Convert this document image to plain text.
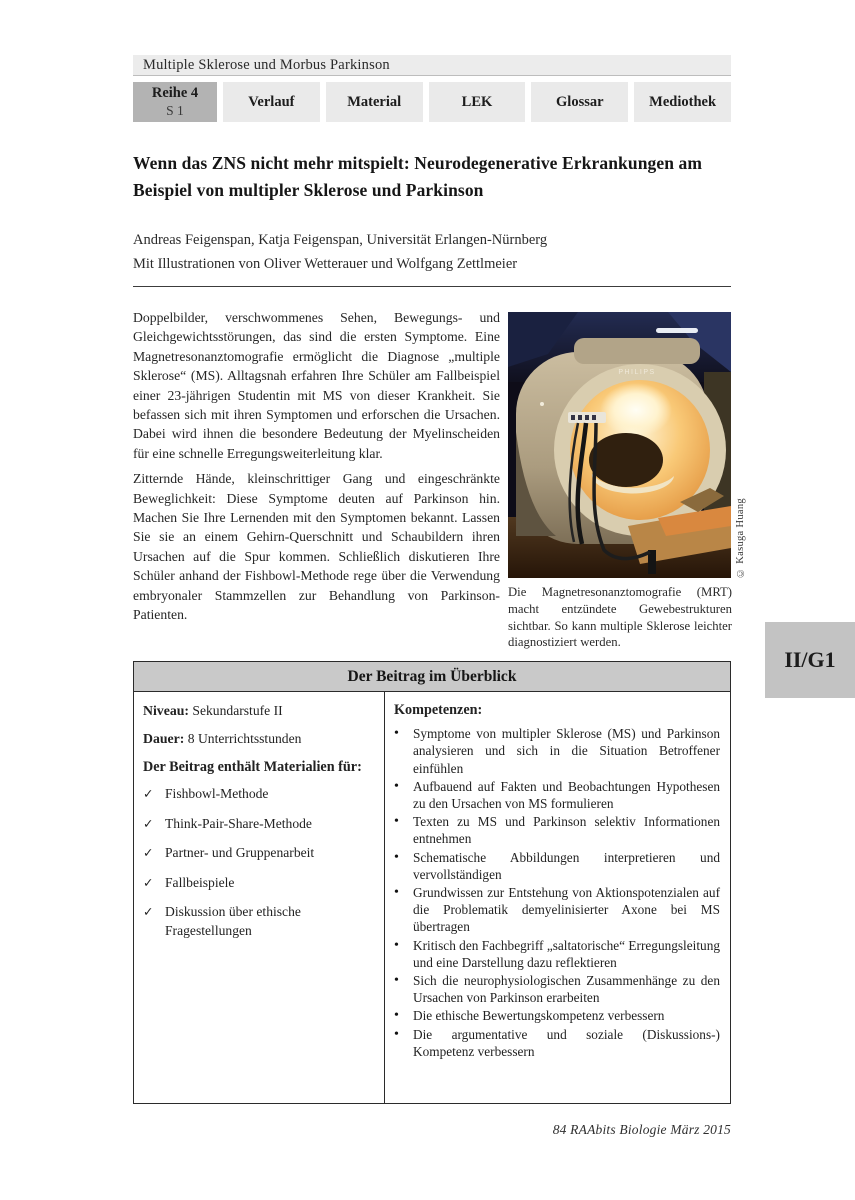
Multiple Sklerose und Morbus Parkinson
Reihe 4
S 1
Verlauf	Material	LEK	Glossar	Mediothek
Wenn das ZNS nicht mehr mitspielt: Neurodegenerative Erkrankungen am Beispiel von multipler Sklerose und Parkinson
Andreas Feigenspan, Katja Feigenspan, Universität Erlangen-Nürnberg
Mit Illustrationen von Oliver Wetterauer und Wolfgang Zettlmeier

Doppelbilder, verschwommenes Sehen, Bewegungs- und Gleichgewichtsstörungen, das sind die ersten Symptome. Eine Magnetresonanztomografie ermöglicht die Diagnose „multiple Sklerose“ (MS). Alltagsnah erfahren Ihre Schüler am Fallbeispiel einer 23-jährigen Studentin mit MS von dieser Krankheit. Sie befassen sich mit ihren Symptomen und erforschen die Ursachen. Dabei wird ihnen die besondere Bedeutung der Myelinscheiden für eine schnelle Erregungsweiterleitung klar.

Zitternde Hände, kleinschrittiger Gang und eingeschränkte Beweglichkeit: Diese Symptome deuten auf Parkinson hin. Machen Sie Ihre Lernenden mit den Symptomen bekannt. Lassen Sie sie an einem Gehirn-Querschnitt und Schaubildern ihren Ursachen auf die Spur kommen. Schließlich diskutieren Ihre Schüler anhand der Fishbowl-Methode rege über die Verwendung embryonaler Stammzellen zur Behandlung von Parkinson-Patienten.

PHILIPS
© Kasuga Huang
Die Magnetresonanztomografie (MRT) macht entzündete Gewebestrukturen sichtbar. So kann multiple Sklerose leichter diagnostiziert werden.
II/G1
Der Beitrag im Überblick
Niveau: Sekundarstufe II
Dauer: 8 Unterrichtsstunden
Der Beitrag enthält Materialien für:
✓ Fishbowl-Methode
✓ Think-Pair-Share-Methode
✓ Partner- und Gruppenarbeit
✓ Fallbeispiele
✓ Diskussion über ethische Fragestellungen
Kompetenzen:
•	Symptome von multipler Sklerose (MS) und Parkinson analysieren und sich in die Situation Betroffener einfühlen
•	Aufbauend auf Fakten und Beobachtungen Hypothesen zu den Ursachen von MS formulieren
•	Texten zu MS und Parkinson selektiv Informationen entnehmen
•	Schematische Abbildungen interpretieren und vervollständigen
•	Grundwissen zur Entstehung von Aktionspotenzialen auf die Problematik demyelinisierter Axone bei MS übertragen
•	Kritisch den Fachbegriff „saltatorische“ Erregungsleitung und eine Darstellung dazu reflektieren
•	Sich die neurophysiologischen Zusammenhänge zu den Ursachen von Parkinson erarbeiten
•	Die ethische Bewertungskompetenz verbessern
•	Die argumentative und soziale (Diskussions-) Kompetenz verbessern
84 RAAbits Biologie März 2015
